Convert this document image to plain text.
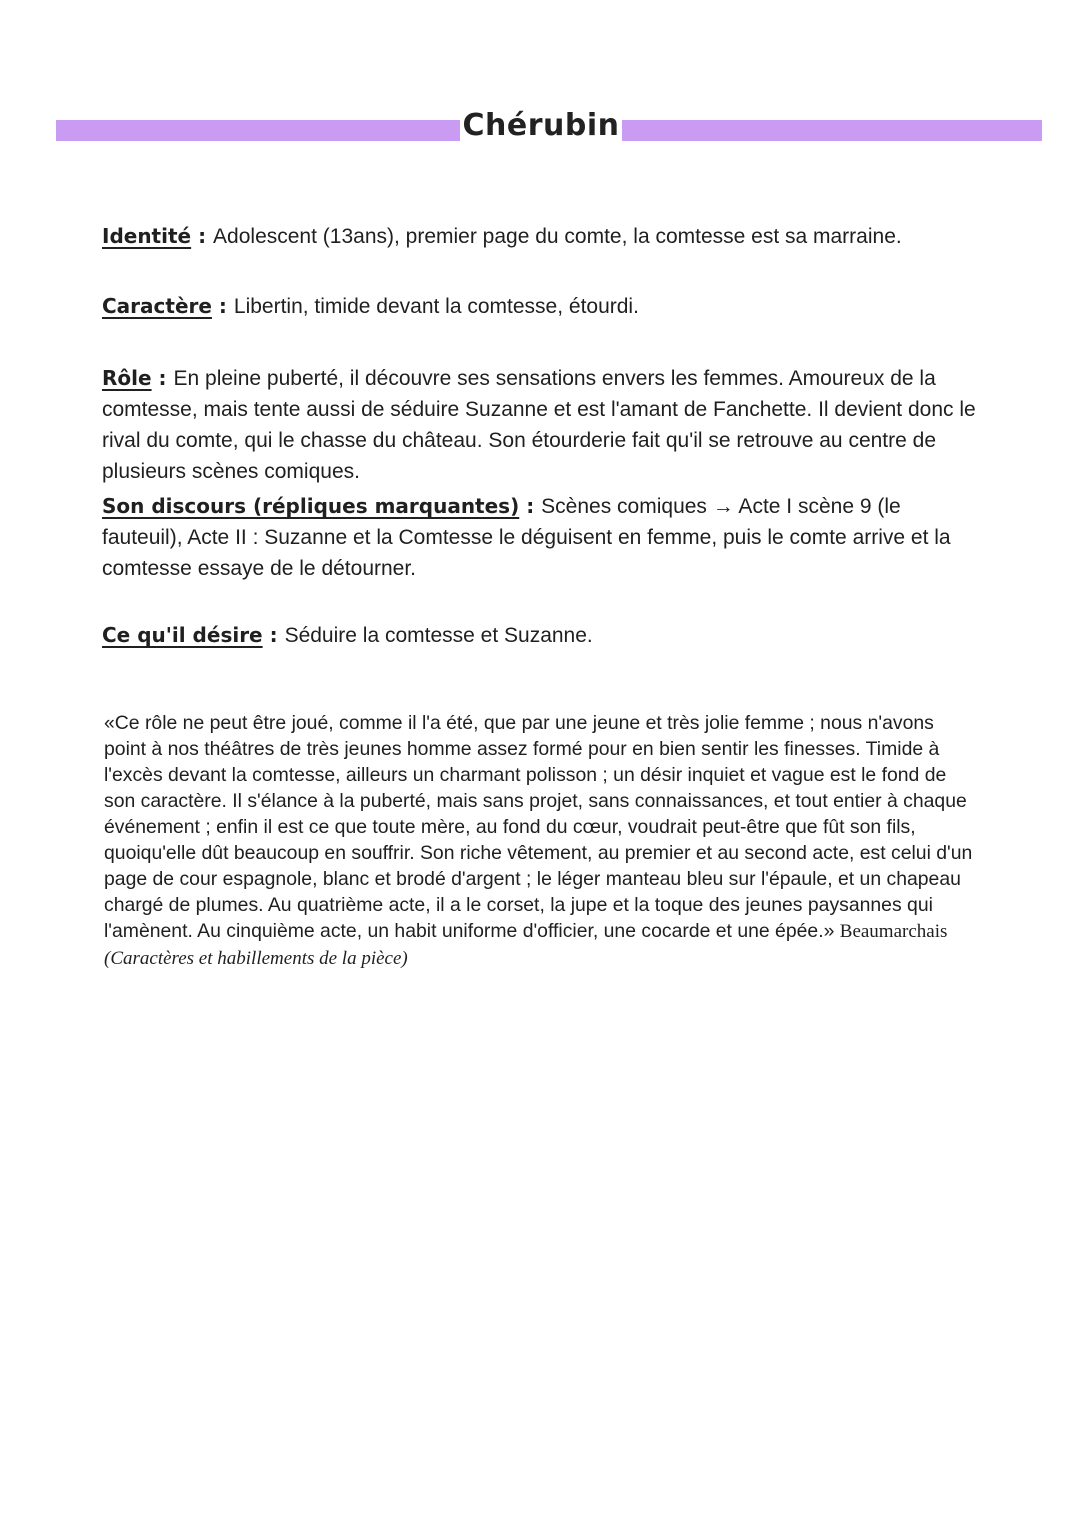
Chérubin
Identité : Adolescent (13ans), premier page du comte, la comtesse est sa marraine.
Caractère : Libertin, timide devant la comtesse, étourdi.
Rôle : En pleine puberté, il découvre ses sensations envers les femmes. Amoureux de la comtesse, mais tente aussi de séduire Suzanne et est l'amant de Fanchette. Il devient donc le rival du comte, qui le chasse du château. Son étourderie fait qu'il se retrouve au centre de plusieurs scènes comiques.
Son discours (répliques marquantes) : Scènes comiques → Acte I scène 9 (le fauteuil), Acte II : Suzanne et la Comtesse le déguisent en femme, puis le comte arrive et la comtesse essaye de le détourner.
Ce qu'il désire : Séduire la comtesse et Suzanne.
«Ce rôle ne peut être joué, comme il l'a été, que par une jeune et très jolie femme ; nous n'avons point à nos théâtres de très jeunes homme assez formé pour en bien sentir les finesses. Timide à l'excès devant la comtesse, ailleurs un charmant polisson ; un désir inquiet et vague est le fond de son caractère. Il s'élance à la puberté, mais sans projet, sans connaissances, et tout entier à chaque événement ; enfin il est ce que toute mère, au fond du cœur, voudrait peut-être que fût son fils, quoiqu'elle dût beaucoup en souffrir. Son riche vêtement, au premier et au second acte, est celui d'un page de cour espagnole, blanc et brodé d'argent ; le léger manteau bleu sur l'épaule, et un chapeau chargé de plumes. Au quatrième acte, il a le corset, la jupe et la toque des jeunes paysannes qui l'amènent. Au cinquième acte, un habit uniforme d'officier, une cocarde et une épée.» Beaumarchais (Caractères et habillements de la pièce)
